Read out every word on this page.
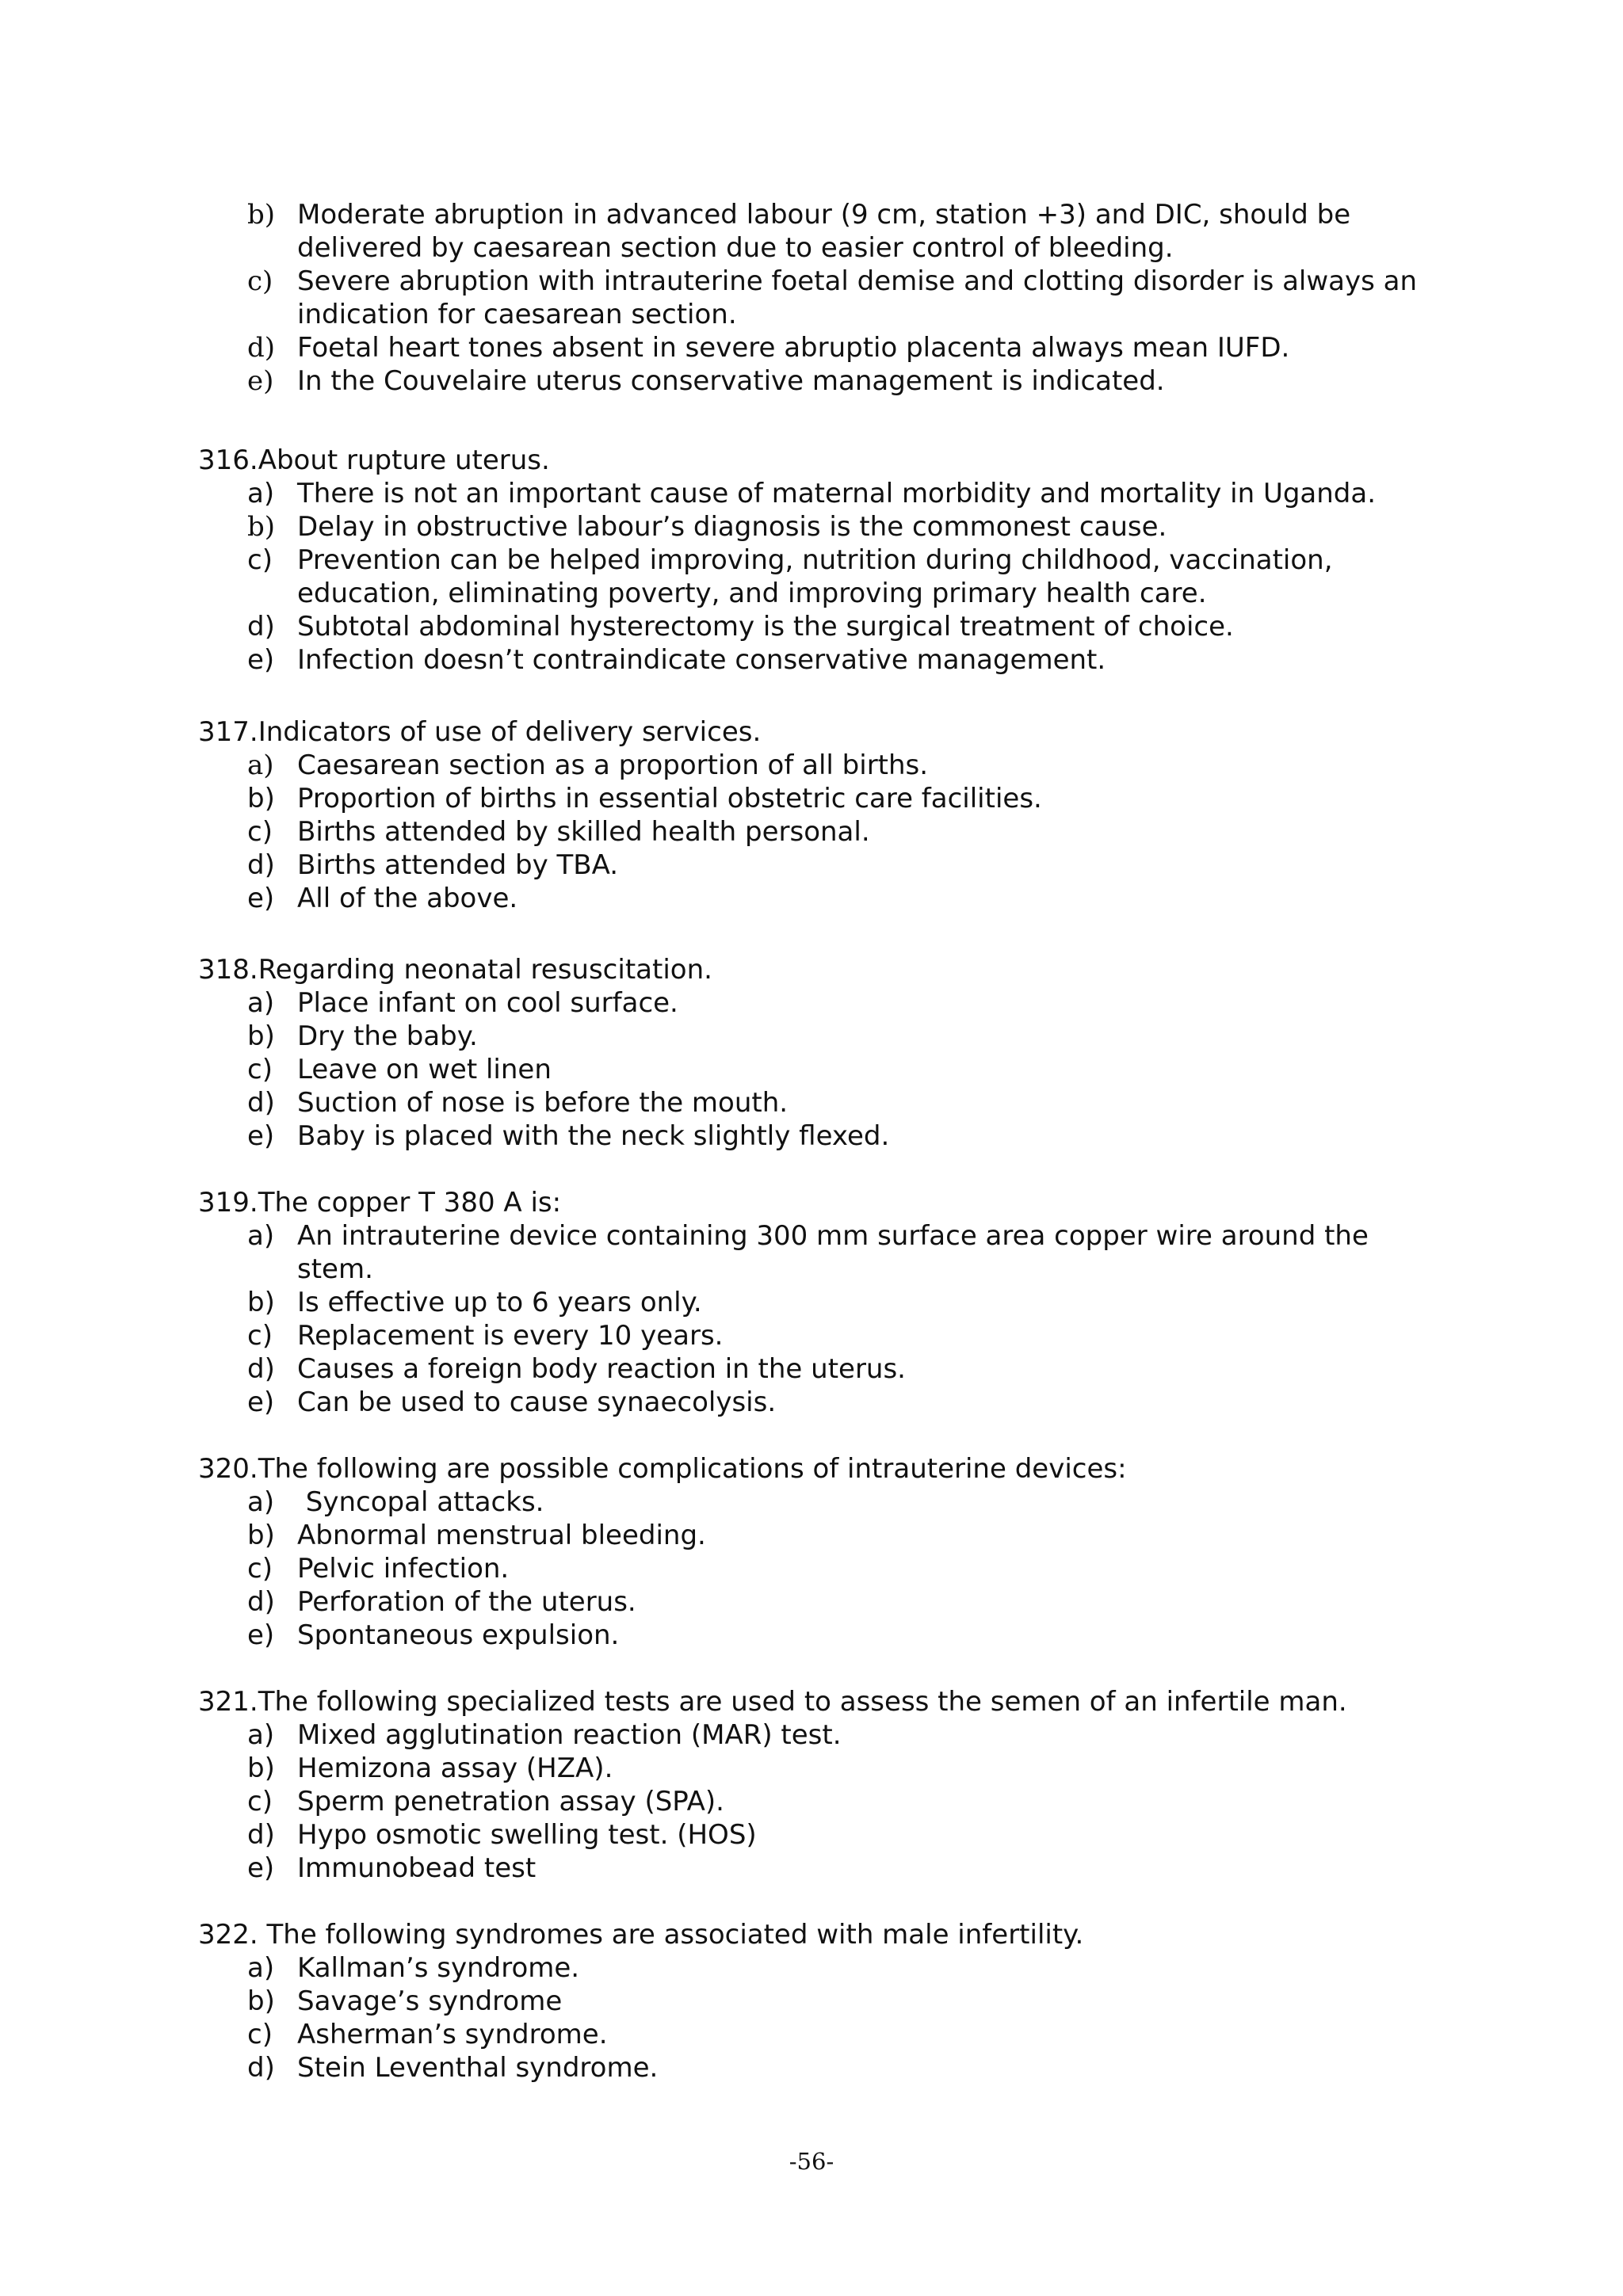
b) Moderate abruption in advanced labour (9 cm, station +3) and DIC, should be delivered by caesarean section due to easier control of bleeding.
c) Severe abruption with intrauterine foetal demise and clotting disorder is always an indication for caesarean section.
d) Foetal heart tones absent in severe abruptio placenta always mean IUFD.
e) In the Couvelaire uterus conservative management is indicated.
316.About rupture uterus.
a) There is not an important cause of maternal morbidity and mortality in Uganda.
b) Delay in obstructive labour’s diagnosis is the commonest cause.
c) Prevention can be helped improving, nutrition during childhood, vaccination, education, eliminating poverty, and improving primary health care.
d) Subtotal abdominal hysterectomy is the surgical treatment of choice.
e) Infection doesn’t contraindicate conservative management.
317.Indicators of use of delivery services.
a) Caesarean section as a proportion of all births.
b) Proportion of births in essential obstetric care facilities.
c) Births attended by skilled health personal.
d) Births attended by TBA.
e) All of the above.
318.Regarding neonatal resuscitation.
a) Place infant on cool surface.
b) Dry the baby.
c) Leave on wet linen
d) Suction of nose is before the mouth.
e) Baby is placed with the neck slightly flexed.
319.The copper T 380 A is:
a) An intrauterine device containing 300 mm surface area copper wire around the stem.
b) Is effective up to 6 years only.
c) Replacement is every 10 years.
d) Causes a foreign body reaction in the uterus.
e) Can be used to cause synaecolysis.
320.The following are possible complications of intrauterine devices:
a) Syncopal attacks.
b) Abnormal menstrual bleeding.
c) Pelvic infection.
d) Perforation of the uterus.
e) Spontaneous expulsion.
321.The following specialized tests are used to assess the semen of an infertile man.
a) Mixed agglutination reaction (MAR) test.
b) Hemizona assay (HZA).
c) Sperm penetration assay (SPA).
d) Hypo osmotic swelling test. (HOS)
e) Immunobead test
322. The following syndromes are associated with male infertility.
a) Kallman’s syndrome.
b) Savage’s syndrome
c) Asherman’s syndrome.
d) Stein Leventhal syndrome.
-56-
